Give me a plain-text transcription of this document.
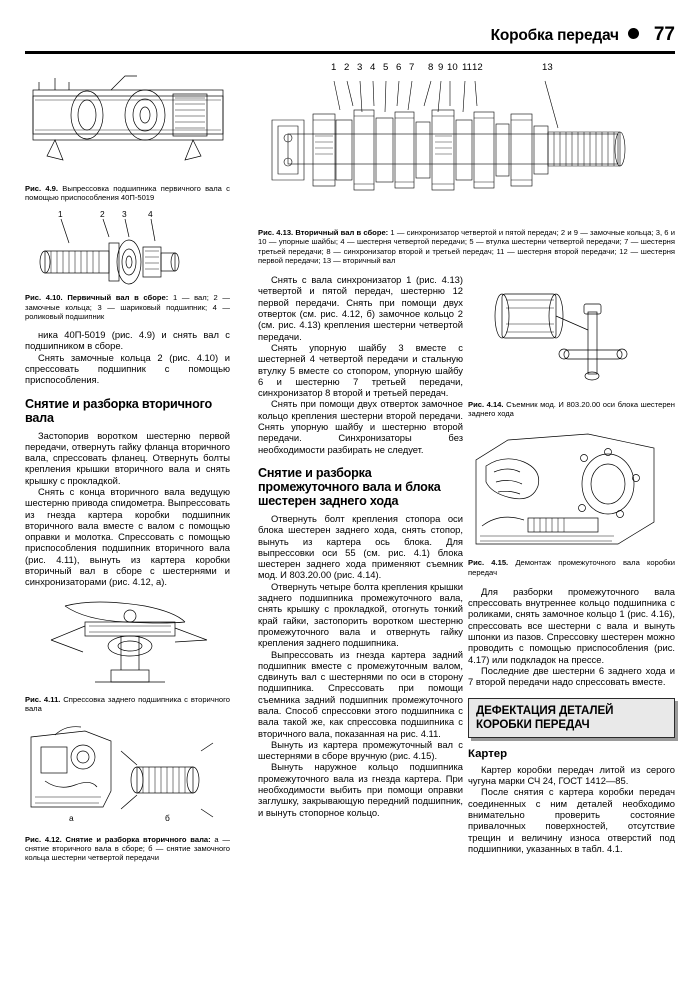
Коробка передач 77
1 2 3 4 5 6 7 8 9 10 11 12	13

Рис. 4.9. Выпрессовка подшипника первичного вала с помощью приспособления 40П-5019

1	2 3	4

Рис. 4.10. Первичный вал в сборе: 1 — вал; 2 — замочные кольца; 3 — шариковый подшипник; 4 — роликовый подшипник

ника 40П-5019 (рис. 4.9) и снять вал с подшипником в сборе.

Снять замочные кольца 2 (рис. 4.10) и спрессовать подшипник с помощью приспособления.

Снятие и разборка вторичного вала

Застопорив воротком шестерню первой передачи, отвернуть гайку фланца вторичного вала, спрессовать фланец. Отвернуть болты крепления крышки вторичного вала и снять крышку с прокладкой.

Снять с конца вторичного вала ведущую шестерню привода спидометра. Выпрессовать из гнезда картера коробки подшипник вторичного вала вместе с валом с помощью оправки и молотка. Спрессовать с помощью приспособления подшипник вторичного вала (рис. 4.11), вынуть из картера коробки вторичный вал в сборе с шестернями и синхронизаторами (рис. 4.12, а).

Рис. 4.11. Спрессовка заднего подшипника с вторичного вала

а	б

Рис. 4.12. Снятие и разборка вторичного вала: а — снятие вторичного вала в сборе; б — снятие замочного кольца шестерни четвертой передачи

Рис. 4.13. Вторичный вал в сборе: 1 — синхронизатор четвертой и пятой передач; 2 и 9 — замочные кольца; 3, 6 и 10 — упорные шайбы; 4 — шестерня четвертой передачи; 5 — втулка шестерни четвертой передачи; 7 — шестерня третьей передачи; 8 — синхронизатор второй и третьей передач; 11 — шестерня второй передачи; 12 — шестерня первой передачи; 13 — вторичный вал

Снять с вала синхронизатор 1 (рис. 4.13) четвертой и пятой передач, шестерню 12 первой передачи. Снять при помощи двух отверток (см. рис. 4.12, б) замочное кольцо 2 (см. рис. 4.13) крепления шестерни четвертой передачи.

Снять упорную шайбу 3 вместе с шестерней 4 четвертой передачи и стальную втулку 5 вместе со стопором, упорную шайбу 6 и шестерню 7 третьей передачи, синхронизатор 8 второй и третьей передач.

Снять при помощи двух отверток замочное кольцо крепления шестерни второй передачи. Снять упорную шайбу и шестерню второй передачи. Синхронизаторы без необходимости разбирать не следует.

Снятие и разборка промежуточного вала и блока шестерен заднего хода

Отвернуть болт крепления стопора оси блока шестерен заднего хода, снять стопор, вынуть из картера ось блока. Для выпрессовки оси 55 (см. рис. 4.1) блока шестерен заднего хода применяют съемник мод. И 803.20.00 (рис. 4.14).

Отвернуть четыре болта крепления крышки заднего подшипника промежуточного вала, снять крышку с прокладкой, отогнуть тонкий край гайки, застопорить воротком шестерню промежуточного вала и отвернуть гайку крепления заднего подшипника.

Выпрессовать из гнезда картера задний подшипник вместе с промежуточным валом, сдвинуть вал с шестернями по оси в сторону подшипника. Спрессовать при помощи съемника задний подшипник промежуточного вала. Способ спрессовки этого подшипника с вала такой же, как спрессовка подшипника с вторичного вала, показанная на рис. 4.11.

Вынуть из картера промежуточный вал с шестернями в сборе вручную (рис. 4.15).

Вынуть наружное кольцо подшипника промежуточного вала из гнезда картера. При необходимости выбить при помощи оправки заглушку, закрывающую передний подшипник, и вынуть стопорное кольцо.

Рис. 4.14. Съемник мод. И 803.20.00 оси блока шестерен заднего хода

Рис. 4.15. Демонтаж промежуточного вала коробки передач

Для разборки промежуточного вала спрессовать внутреннее кольцо подшипника с роликами, снять замочное кольцо 1 (рис. 4.16), спрессовать все шестерни с вала и вынуть шпонки из пазов. Спрессовку шестерен можно проводить с помощью приспособления (рис. 4.17) или подкладок на прессе.

Последние две шестерни 6 заднего хода и 7 второй передачи надо спрессовать вместе.

ДЕФЕКТАЦИЯ ДЕТАЛЕЙ
КОРОБКИ ПЕРЕДАЧ
Картер

Картер коробки передач литой из серого чугуна марки СЧ 24, ГОСТ 1412—85.

После снятия с картера коробки передач соединенных с ним деталей необходимо внимательно проверить состояние привалочных поверхностей, отсутствие трещин и величину износа отверстий под подшипники, указанных в табл. 4.1.
